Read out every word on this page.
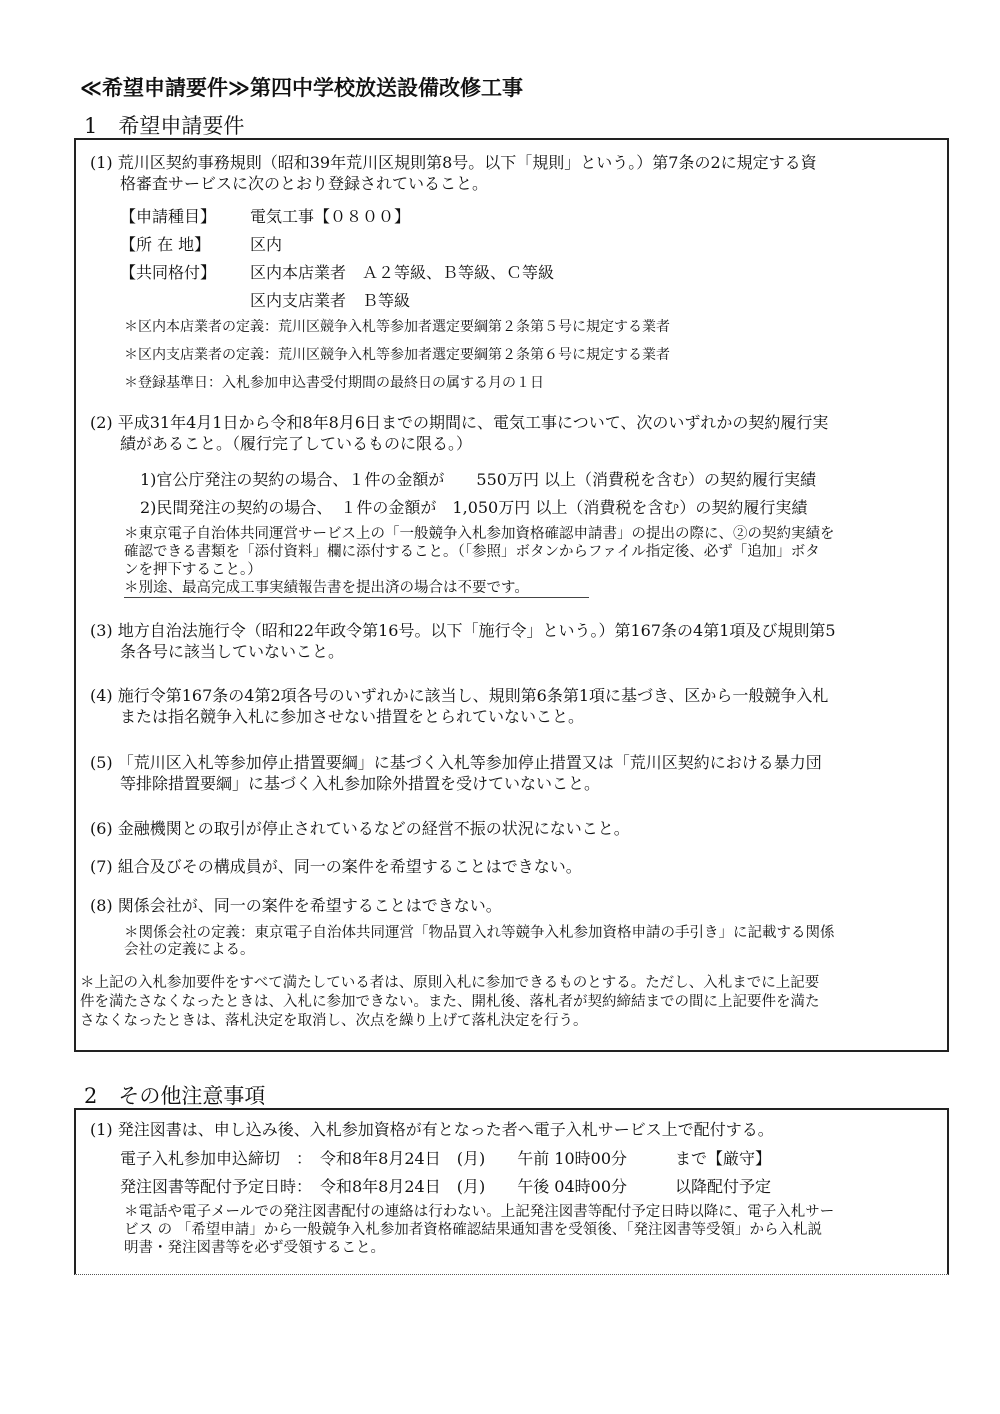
≪希望申請要件≫第四中学校放送設備改修工事
1　希望申請要件
(1) 荒川区契約事務規則（昭和39年荒川区規則第8号。以下「規則」という。）第7条の2に規定する資
格審査サービスに次のとおり登録されていること。
【申請種目】 電気工事【０８００】
【所 在 地】 区内
【共同格付】 区内本店業者　Ａ２等級、Ｂ等級、Ｃ等級
区内支店業者　Ｂ等級
＊区内本店業者の定義：荒川区競争入札等参加者選定要綱第２条第５号に規定する業者
＊区内支店業者の定義：荒川区競争入札等参加者選定要綱第２条第６号に規定する業者
＊登録基準日：入札参加申込書受付期間の最終日の属する月の１日
(2) 平成31年4月1日から令和8年8月6日までの期間に、電気工事について、次のいずれかの契約履行実
績があること。（履行完了しているものに限る。）
1)官公庁発注の契約の場合、１件の金額が　　550万円 以上（消費税を含む）の契約履行実績
2)民間発注の契約の場合、　１件の金額が　1,050万円 以上（消費税を含む）の契約履行実績
＊東京電子自治体共同運営サービス上の「一般競争入札参加資格確認申請書」の提出の際に、②の契約実績を
確認できる書類を「添付資料」欄に添付すること。（「参照」ボタンからファイル指定後、必ず「追加」ボタ
ンを押下すること。）
＊別途、最高完成工事実績報告書を提出済の場合は不要です。
(3) 地方自治法施行令（昭和22年政令第16号。以下「施行令」という。）第167条の4第1項及び規則第5
条各号に該当していないこと。
(4) 施行令第167条の4第2項各号のいずれかに該当し、規則第6条第1項に基づき、区から一般競争入札
または指名競争入札に参加させない措置をとられていないこと。
(5) 「荒川区入札等参加停止措置要綱」に基づく入札等参加停止措置又は「荒川区契約における暴力団
等排除措置要綱」に基づく入札参加除外措置を受けていないこと。
(6) 金融機関との取引が停止されているなどの経営不振の状況にないこと。
(7) 組合及びその構成員が、同一の案件を希望することはできない。
(8) 関係会社が、同一の案件を希望することはできない。
＊関係会社の定義：東京電子自治体共同運営「物品買入れ等競争入札参加資格申請の手引き」に記載する関係
会社の定義による。
＊上記の入札参加要件をすべて満たしている者は、原則入札に参加できるものとする。ただし、入札までに上記要
件を満たさなくなったときは、入札に参加できない。また、開札後、落札者が契約締結までの間に上記要件を満た
さなくなったときは、落札決定を取消し、次点を繰り上げて落札決定を行う。
2　その他注意事項
(1) 発注図書は、申し込み後、入札参加資格が有となった者へ電子入札サービス上で配付する。
電子入札参加申込締切　：　令和8年8月24日　(月)　　午前 10時00分　　　まで【厳守】
発注図書等配付予定日時：　令和8年8月24日　(月)　　午後 04時00分　　　以降配付予定
＊電話や電子メールでの発注図書配付の連絡は行わない。上記発注図書等配付予定日時以降に、電子入札サー
ビス の 「希望申請」から一般競争入札参加者資格確認結果通知書を受領後、「発注図書等受領」から入札説
明書・発注図書等を必ず受領すること。
